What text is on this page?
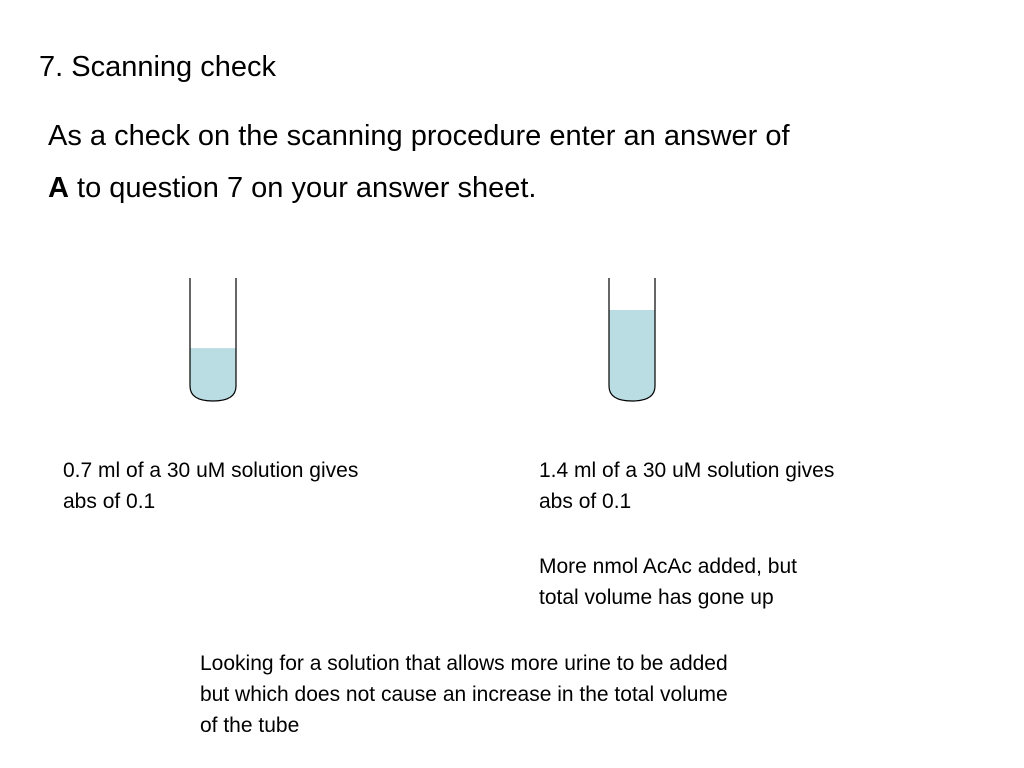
7. Scanning check
As a check on the scanning procedure enter an answer of
A to question 7 on your answer sheet.
0.7 ml of a 30 uM solution gives
abs of 0.1
1.4 ml of a 30 uM solution gives
abs of 0.1
More nmol AcAc added, but
total volume has gone up
Looking for a solution that allows more urine to be added
but which does not cause an increase in the total volume
of the tube
